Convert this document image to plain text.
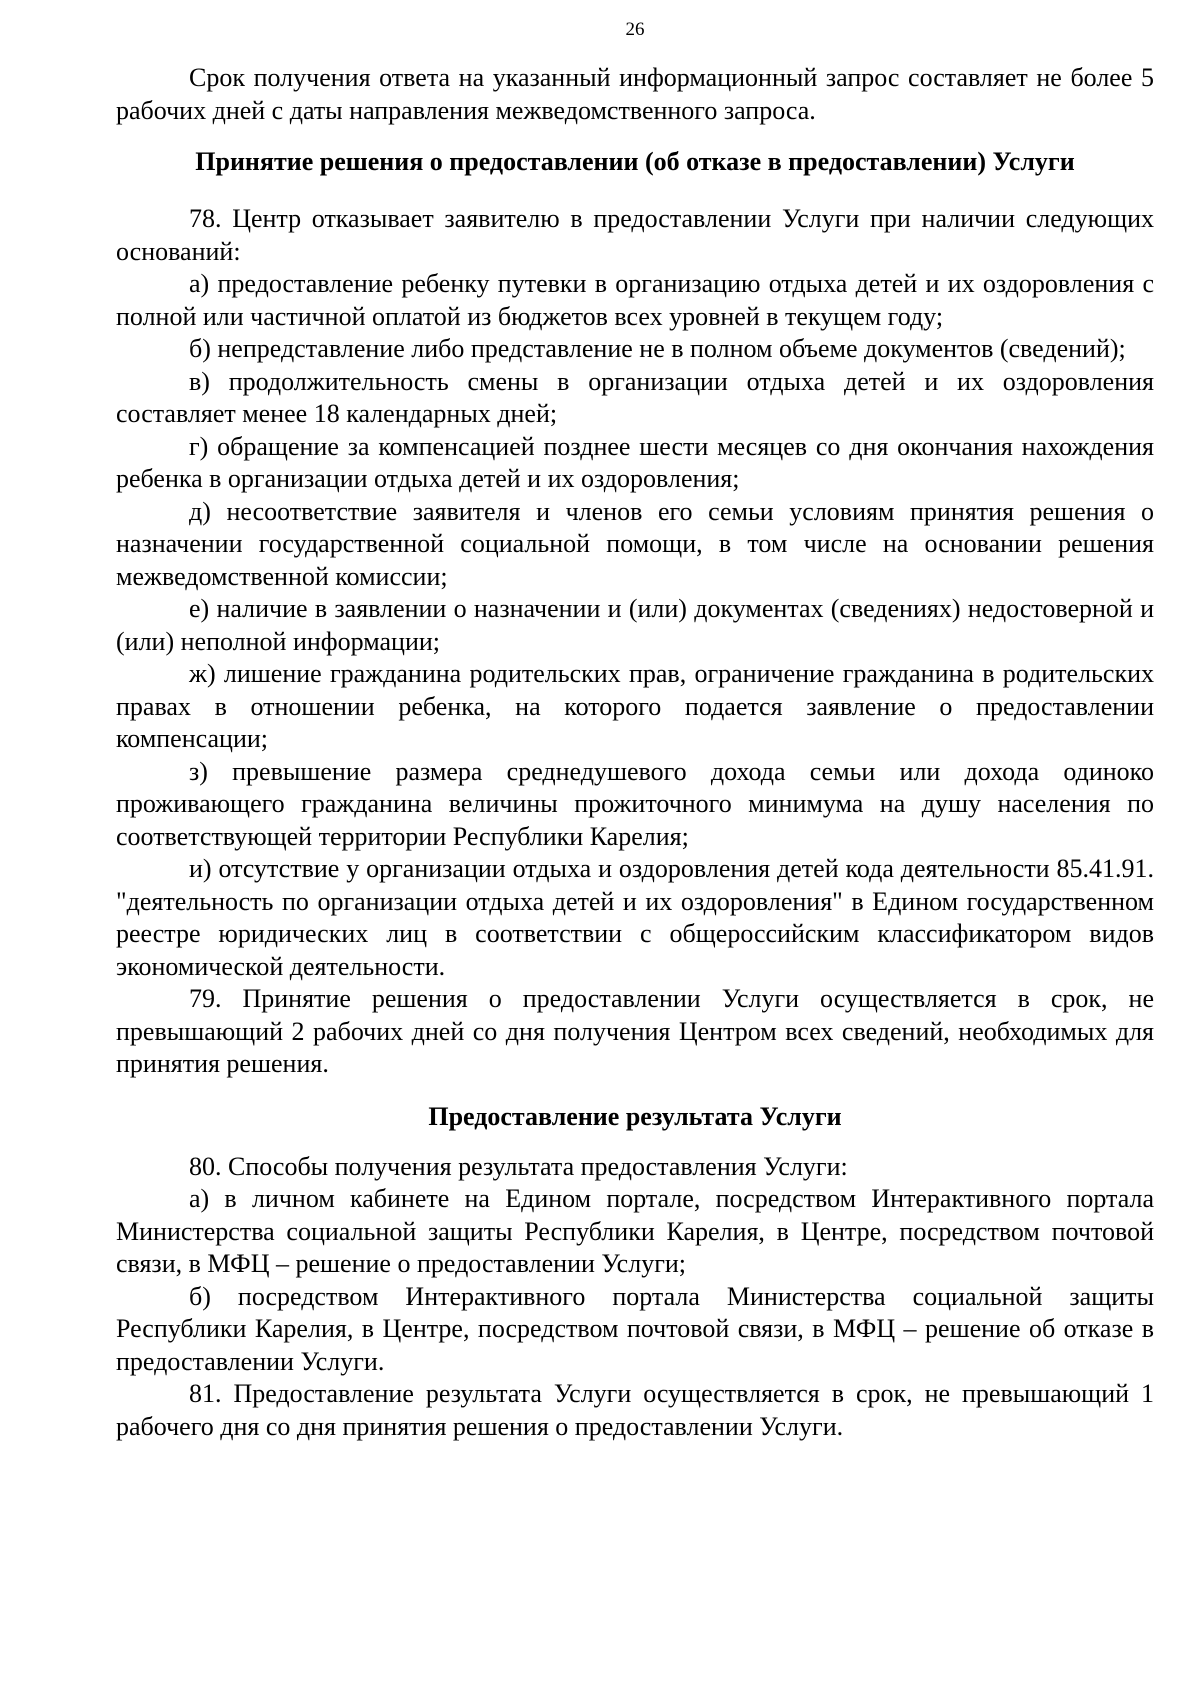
26

Срок получения ответа на указанный информационный запрос составляет не более 5 рабочих дней с даты направления межведомственного запроса.

Принятие решения о предоставлении (об отказе в предоставлении) Услуги

78. Центр отказывает заявителю в предоставлении Услуги при наличии следующих оснований:

а) предоставление ребенку путевки в организацию отдыха детей и их оздоровления с полной или частичной оплатой из бюджетов всех уровней в текущем году;

б) непредставление либо представление не в полном объеме документов (сведений);

в) продолжительность смены в организации отдыха детей и их оздоровления составляет менее 18 календарных дней;

г) обращение за компенсацией позднее шести месяцев со дня окончания нахождения ребенка в организации отдыха детей и их оздоровления;

д) несоответствие заявителя и членов его семьи условиям принятия решения о назначении государственной социальной помощи, в том числе на основании решения межведомственной комиссии;

е) наличие в заявлении о назначении и (или) документах (сведениях) недостоверной и (или) неполной информации;

ж) лишение гражданина родительских прав, ограничение гражданина в родительских правах в отношении ребенка, на которого подается заявление о предоставлении компенсации;

з) превышение размера среднедушевого дохода семьи или дохода одиноко проживающего гражданина величины прожиточного минимума на душу населения по соответствующей территории Республики Карелия;

и) отсутствие у организации отдыха и оздоровления детей кода деятельности 85.41.91. "деятельность по организации отдыха детей и их оздоровления" в Едином государственном реестре юридических лиц в соответствии с общероссийским классификатором видов экономической деятельности.

79. Принятие решения о предоставлении Услуги осуществляется в срок, не превышающий 2 рабочих дней со дня получения Центром всех сведений, необходимых для принятия решения.

Предоставление результата Услуги

80. Способы получения результата предоставления Услуги:

а) в личном кабинете на Едином портале, посредством Интерактивного портала Министерства социальной защиты Республики Карелия, в Центре, посредством почтовой связи, в МФЦ – решение о предоставлении Услуги;

б) посредством Интерактивного портала Министерства социальной защиты Республики Карелия, в Центре, посредством почтовой связи, в МФЦ – решение об отказе в предоставлении Услуги.

81. Предоставление результата Услуги осуществляется в срок, не превышающий 1 рабочего дня со дня принятия решения о предоставлении Услуги.
